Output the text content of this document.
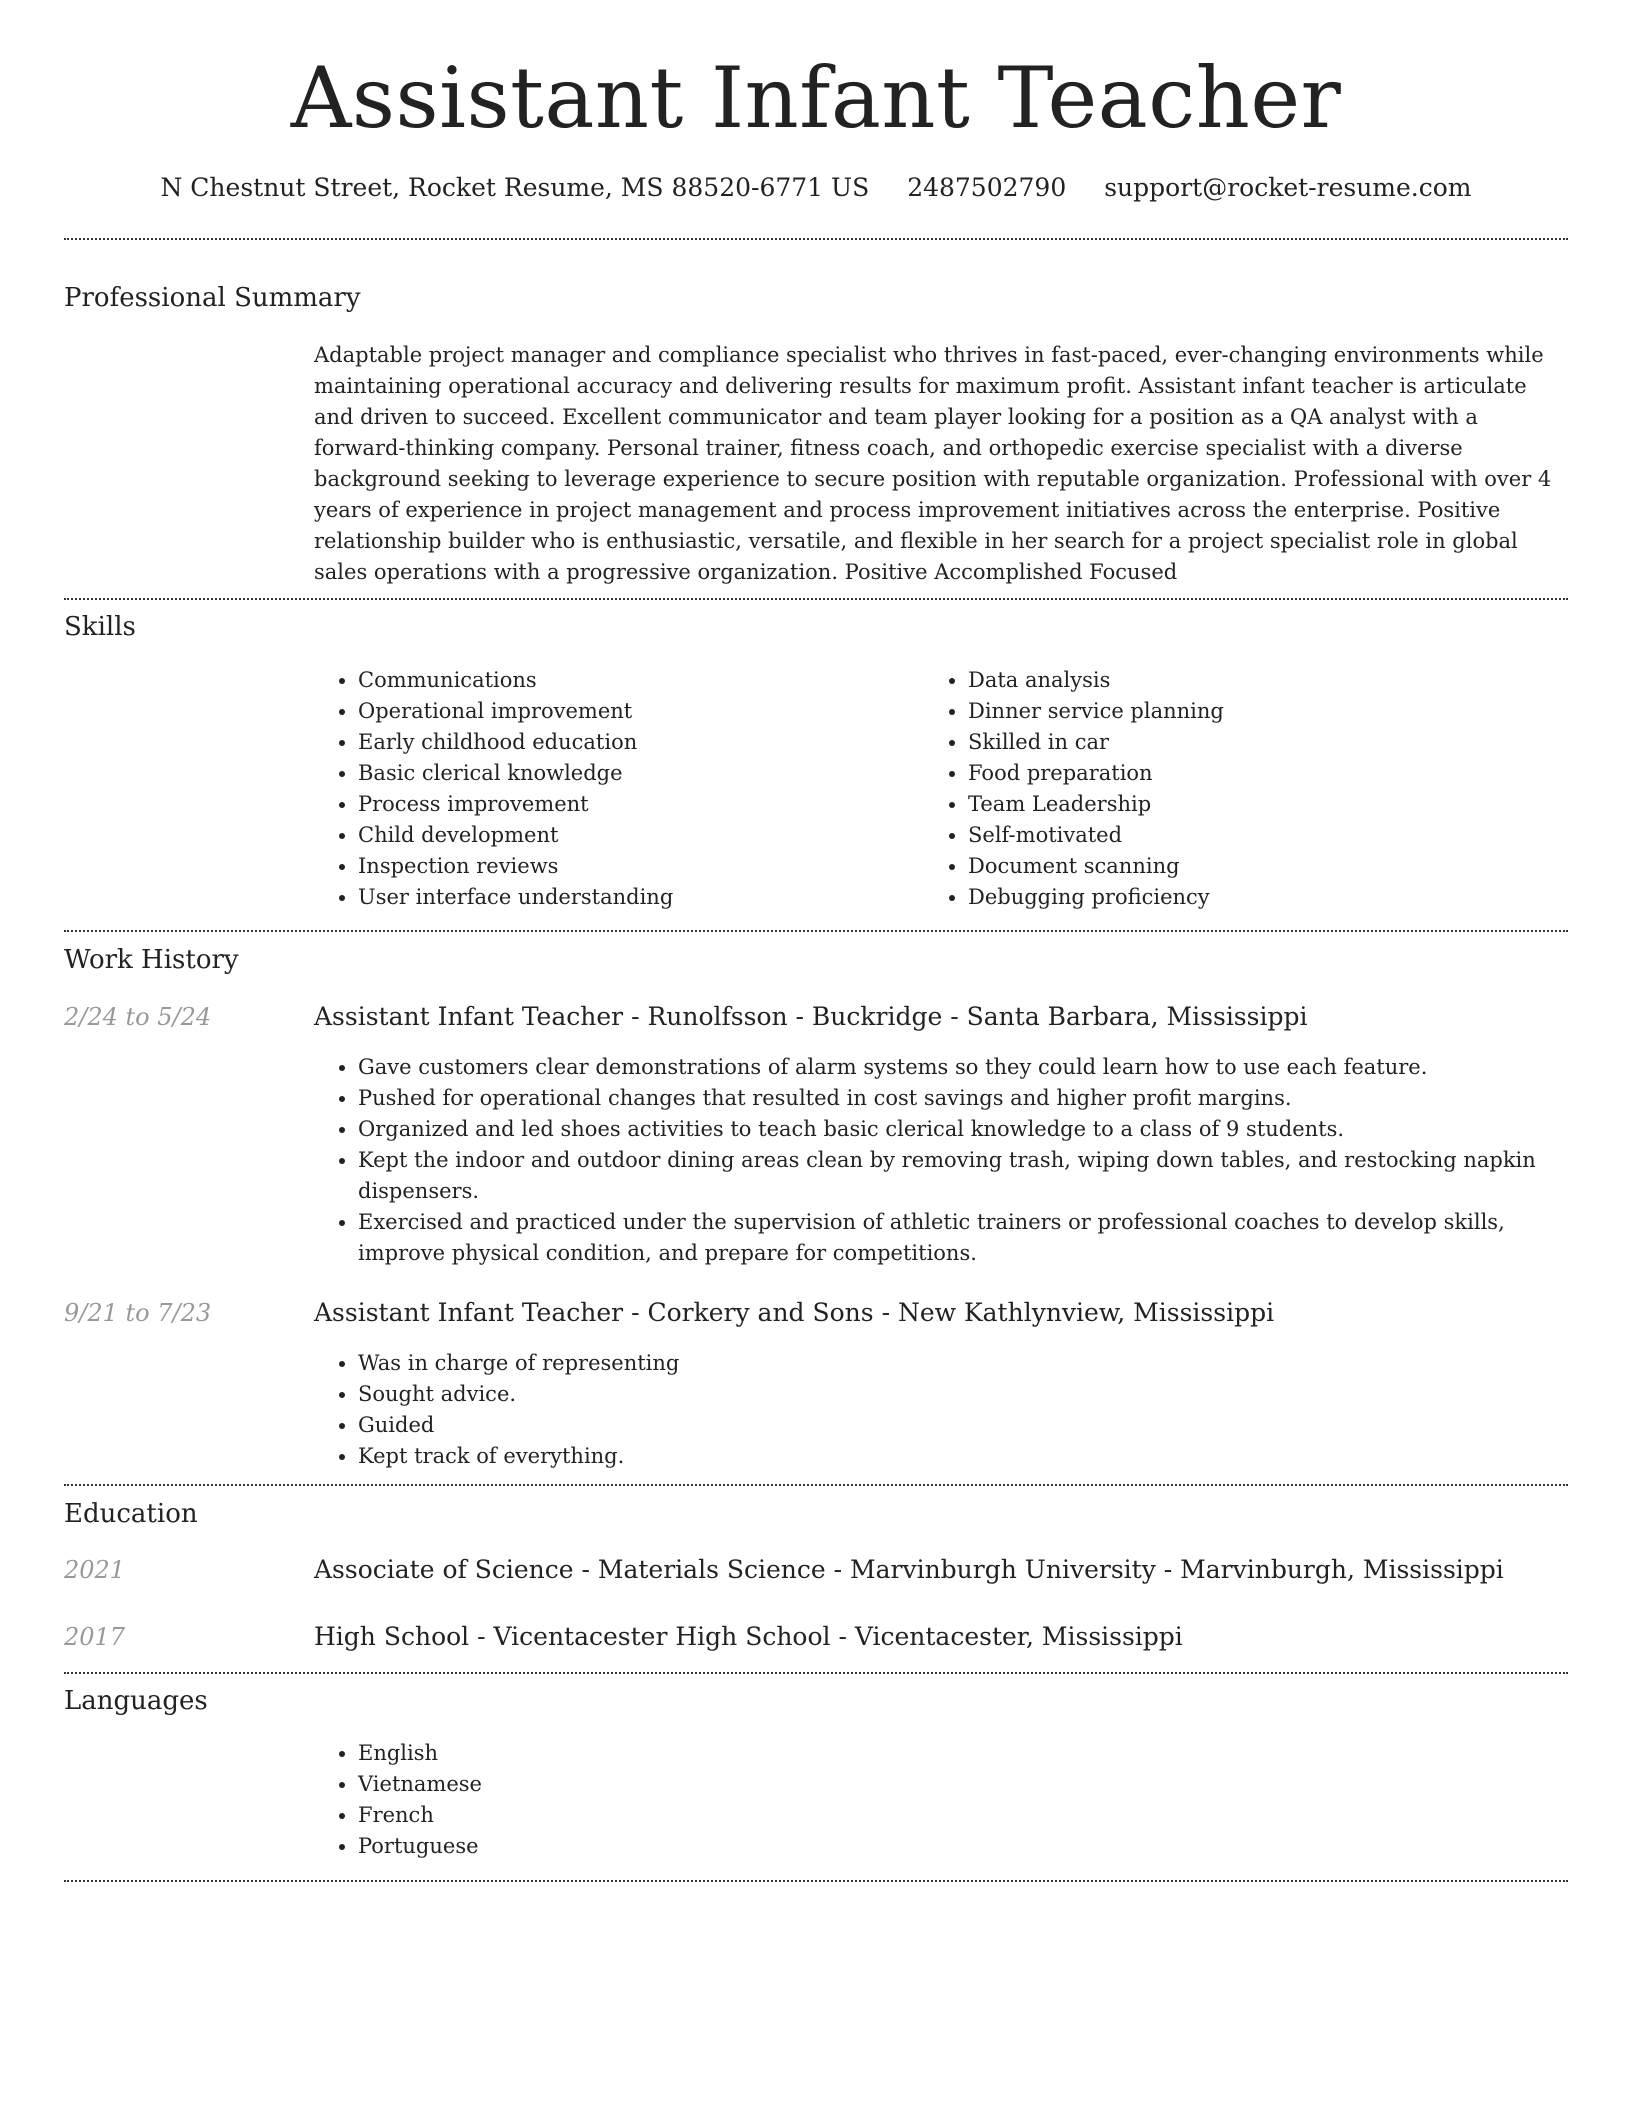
Assistant Infant Teacher
N Chestnut Street, Rocket Resume, MS 88520-6771 US 2487502790 support@rocket-resume.com
Professional Summary

Adaptable project manager and compliance specialist who thrives in fast-paced, ever-changing environments while maintaining operational accuracy and delivering results for maximum profit. Assistant infant teacher is articulate and driven to succeed. Excellent communicator and team player looking for a position as a QA analyst with a forward-thinking company. Personal trainer, fitness coach, and orthopedic exercise specialist with a diverse background seeking to leverage experience to secure position with reputable organization. Professional with over 4 years of experience in project management and process improvement initiatives across the enterprise. Positive relationship builder who is enthusiastic, versatile, and flexible in her search for a project specialist role in global sales operations with a progressive organization. Positive Accomplished Focused

Skills
• Communications
• Operational improvement
• Early childhood education
• Basic clerical knowledge
• Process improvement
• Child development
• Inspection reviews
• User interface understanding
• Data analysis
• Dinner service planning
• Skilled in car
• Food preparation
• Team Leadership
• Self-motivated
• Document scanning
• Debugging proficiency
Work History
2/24 to 5/24	Assistant Infant Teacher - Runolfsson - Buckridge - Santa Barbara, Mississippi
• Gave customers clear demonstrations of alarm systems so they could learn how to use each feature.
• Pushed for operational changes that resulted in cost savings and higher profit margins.
• Organized and led shoes activities to teach basic clerical knowledge to a class of 9 students.
• Kept the indoor and outdoor dining areas clean by removing trash, wiping down tables, and restocking napkin dispensers.
• Exercised and practiced under the supervision of athletic trainers or professional coaches to develop skills, improve physical condition, and prepare for competitions.
9/21 to 7/23	Assistant Infant Teacher - Corkery and Sons - New Kathlynview, Mississippi
• Was in charge of representing
• Sought advice.
• Guided
• Kept track of everything.
Education
2021	Associate of Science - Materials Science - Marvinburgh University - Marvinburgh, Mississippi
2017	High School - Vicentacester High School - Vicentacester, Mississippi
Languages
• English
• Vietnamese
• French
• Portuguese
